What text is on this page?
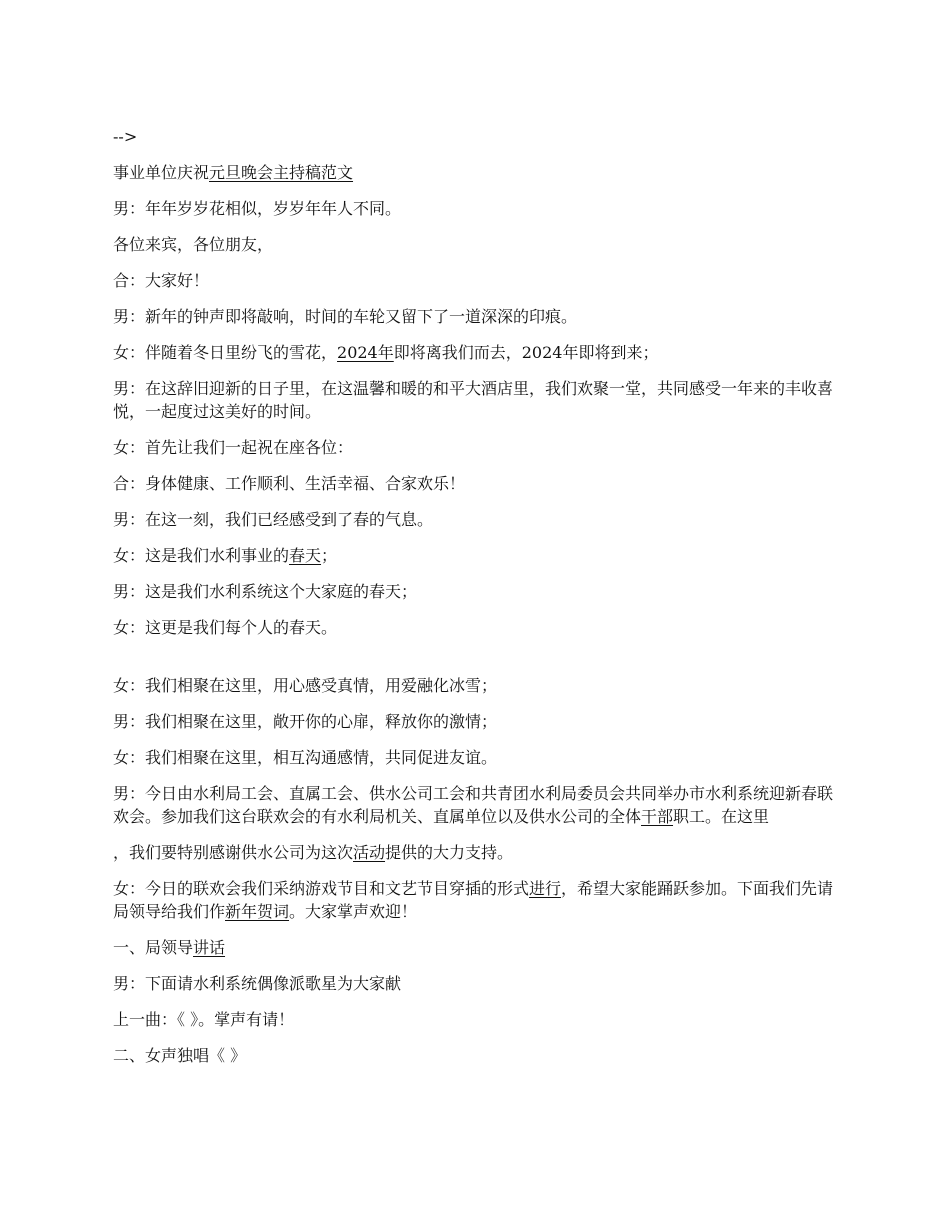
-->

事业单位庆祝元旦晚会主持稿范文

男：年年岁岁花相似，岁岁年年人不同。

各位来宾，各位朋友，

合：大家好！

男：新年的钟声即将敲响，时间的车轮又留下了一道深深的印痕。

女：伴随着冬日里纷飞的雪花，2024年即将离我们而去，2024年即将到来；

男：在这辞旧迎新的日子里，在这温馨和暖的和平大酒店里，我们欢聚一堂，共同感受一年来的丰收喜悦，一起度过这美好的时间。

女：首先让我们一起祝在座各位：

合：身体健康、工作顺利、生活幸福、合家欢乐！

男：在这一刻，我们已经感受到了春的气息。

女：这是我们水利事业的春天；

男：这是我们水利系统这个大家庭的春天；

女：这更是我们每个人的春天。

女：我们相聚在这里，用心感受真情，用爱融化冰雪；

男：我们相聚在这里，敞开你的心扉，释放你的激情；

女：我们相聚在这里，相互沟通感情，共同促进友谊。

男：今日由水利局工会、直属工会、供水公司工会和共青团水利局委员会共同举办市水利系统迎新春联欢会。参加我们这台联欢会的有水利局机关、直属单位以及供水公司的全体干部职工。在这里

，我们要特别感谢供水公司为这次活动提供的大力支持。

女：今日的联欢会我们采纳游戏节目和文艺节目穿插的形式进行，希望大家能踊跃参加。下面我们先请局领导给我们作新年贺词。大家掌声欢迎！

一、局领导讲话

男：下面请水利系统偶像派歌星为大家献

上一曲：《 》。掌声有请！

二、女声独唱《 》
